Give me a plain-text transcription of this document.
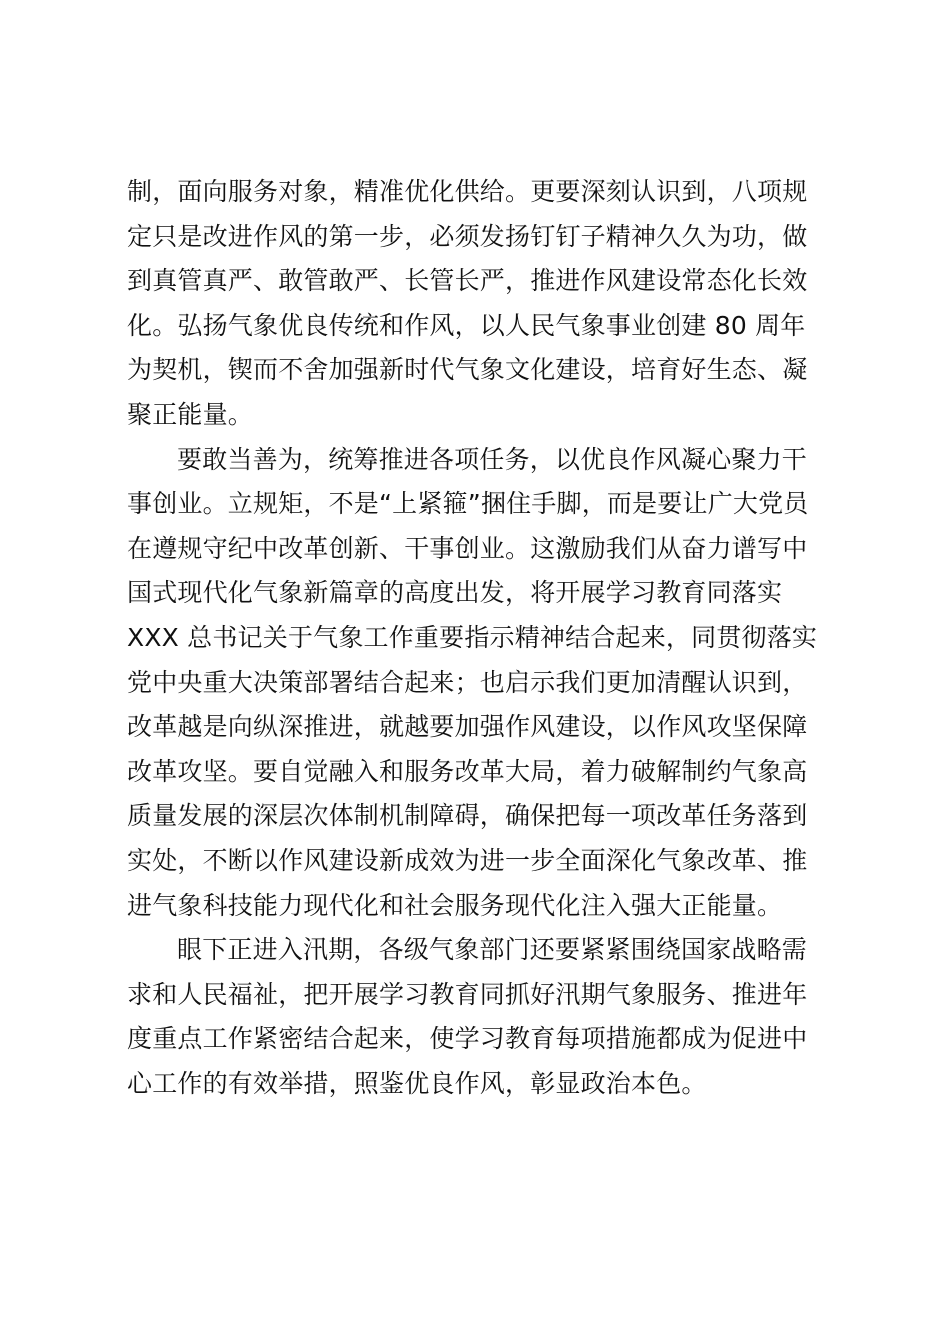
制，面向服务对象，精准优化供给。更要深刻认识到，八项规
定只是改进作风的第一步，必须发扬钉钉子精神久久为功，做
到真管真严、敢管敢严、长管长严，推进作风建设常态化长效
化。弘扬气象优良传统和作风，以人民气象事业创建 80 周年
为契机，锲而不舍加强新时代气象文化建设，培育好生态、凝
聚正能量。
要敢当善为，统筹推进各项任务，以优良作风凝心聚力干
事创业。立规矩，不是“上紧箍”捆住手脚，而是要让广大党员
在遵规守纪中改革创新、干事创业。这激励我们从奋力谱写中
国式现代化气象新篇章的高度出发，将开展学习教育同落实
XXX 总书记关于气象工作重要指示精神结合起来，同贯彻落实
党中央重大决策部署结合起来；也启示我们更加清醒认识到，
改革越是向纵深推进，就越要加强作风建设，以作风攻坚保障
改革攻坚。要自觉融入和服务改革大局，着力破解制约气象高
质量发展的深层次体制机制障碍，确保把每一项改革任务落到
实处，不断以作风建设新成效为进一步全面深化气象改革、推
进气象科技能力现代化和社会服务现代化注入强大正能量。
眼下正进入汛期，各级气象部门还要紧紧围绕国家战略需
求和人民福祉，把开展学习教育同抓好汛期气象服务、推进年
度重点工作紧密结合起来，使学习教育每项措施都成为促进中
心工作的有效举措，照鉴优良作风，彰显政治本色。
